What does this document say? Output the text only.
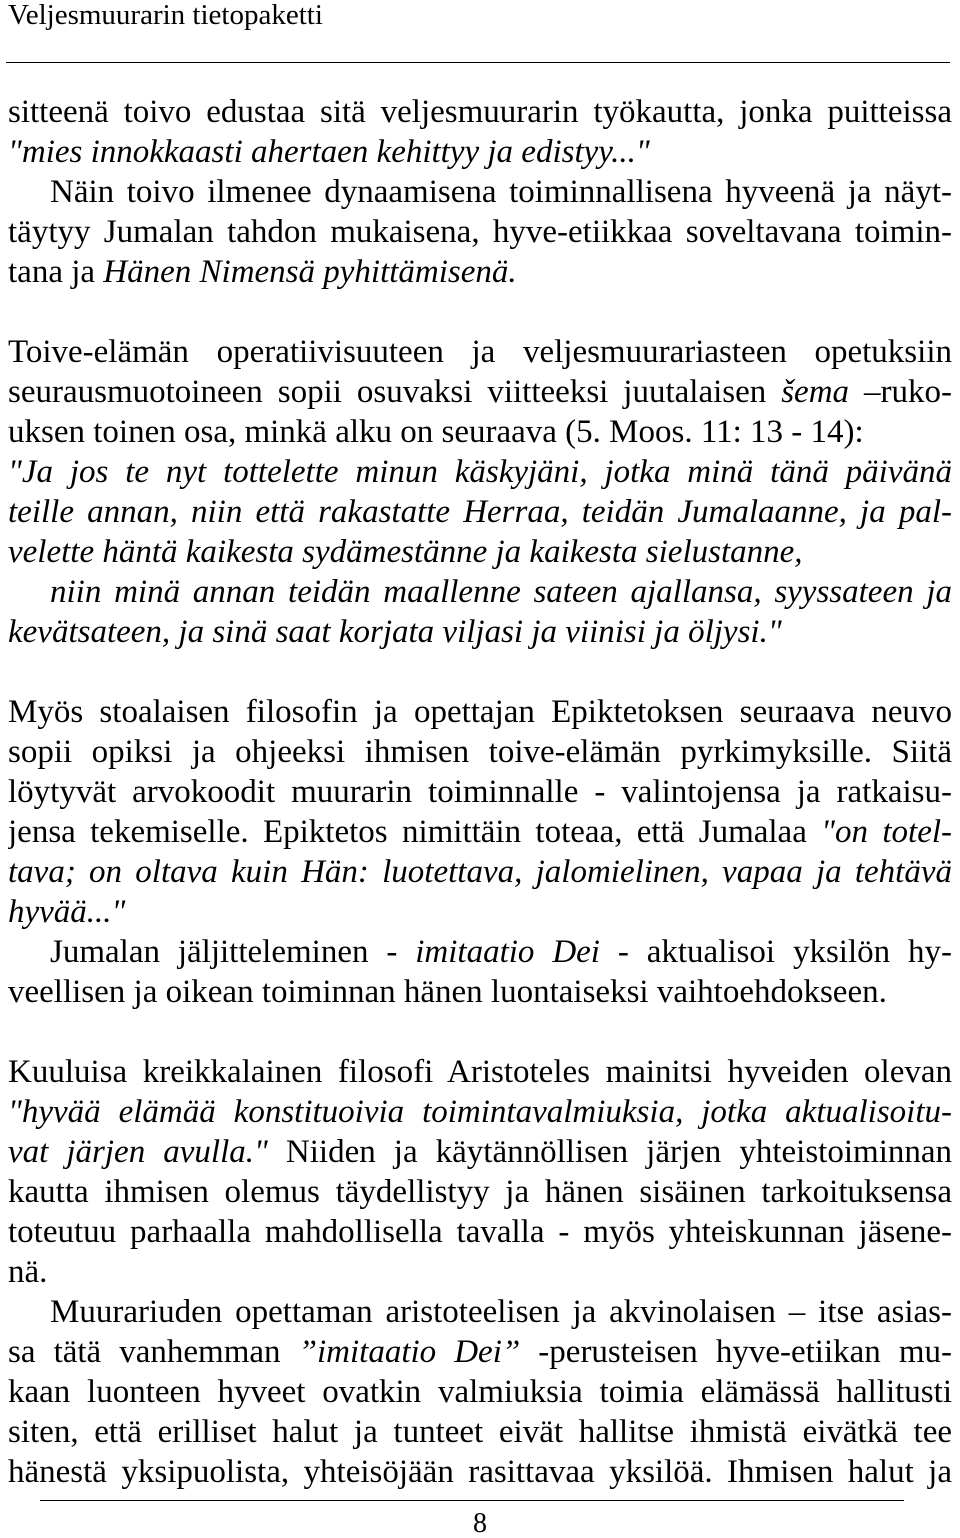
Veljesmuurarin tietopaketti
sitteenä toivo edustaa sitä veljesmuurarin työkautta, jonka puitteissa
"mies innokkaasti ahertaen kehittyy ja edistyy..."
Näin toivo ilmenee dynaamisena toiminnallisena hyveenä ja näyt-
täytyy Jumalan tahdon mukaisena, hyve-etiikkaa soveltavana toimin-
tana ja Hänen Nimensä pyhittämisenä.
Toive-elämän operatiivisuuteen ja veljesmuurariasteen opetuksiin
seurausmuotoineen sopii osuvaksi viitteeksi juutalaisen šema –ruko-
uksen toinen osa, minkä alku on seuraava (5. Moos. 11: 13 - 14):
"Ja jos te nyt tottelette minun käskyjäni, jotka minä tänä päivänä
teille annan, niin että rakastatte Herraa, teidän Jumalaanne, ja pal-
velette häntä kaikesta sydämestänne ja kaikesta sielustanne,
niin minä annan teidän maallenne sateen ajallansa, syyssateen ja
kevätsateen, ja sinä saat korjata viljasi ja viinisi ja öljysi."
Myös stoalaisen filosofin ja opettajan Epiktetoksen seuraava neuvo
sopii opiksi ja ohjeeksi ihmisen toive-elämän pyrkimyksille. Siitä
löytyvät arvokoodit muurarin toiminnalle - valintojensa ja ratkaisu-
jensa tekemiselle. Epiktetos nimittäin toteaa, että Jumalaa "on totel-
tava; on oltava kuin Hän: luotettava, jalomielinen, vapaa ja tehtävä
hyvää..."
Jumalan jäljitteleminen - imitaatio Dei - aktualisoi yksilön hy-
veellisen ja oikean toiminnan hänen luontaiseksi vaihtoehdokseen.
Kuuluisa kreikkalainen filosofi Aristoteles mainitsi hyveiden olevan
"hyvää elämää konstituoivia toimintavalmiuksia, jotka aktualisoitu-
vat järjen avulla." Niiden ja käytännöllisen järjen yhteistoiminnan
kautta ihmisen olemus täydellistyy ja hänen sisäinen tarkoituksensa
toteutuu parhaalla mahdollisella tavalla - myös yhteiskunnan jäsene-
nä.
Muurariuden opettaman aristoteelisen ja akvinolaisen – itse asias-
sa tätä vanhemman ”imitaatio Dei” -perusteisen hyve-etiikan mu-
kaan luonteen hyveet ovatkin valmiuksia toimia elämässä hallitusti
siten, että erilliset halut ja tunteet eivät hallitse ihmistä eivätkä tee
hänestä yksipuolista, yhteisöjään rasittavaa yksilöä. Ihmisen halut ja
8
